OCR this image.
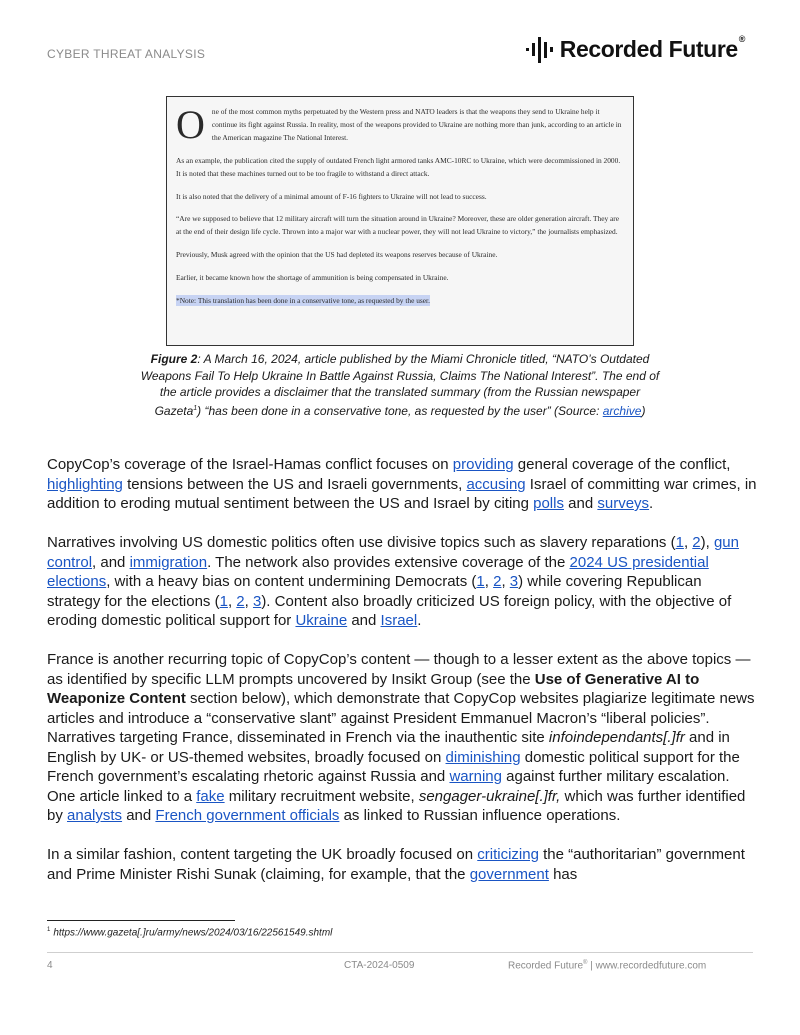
CYBER THREAT ANALYSIS	Recorded Future®

One of the most common myths perpetuated by the Western press and NATO leaders is that the weapons they send to Ukraine help it continue its fight against Russia. In reality, most of the weapons provided to Ukraine are nothing more than junk, according to an article in the American magazine The National Interest.

As an example, the publication cited the supply of outdated French light armored tanks AMC-10RC to Ukraine, which were decommissioned in 2000. It is noted that these machines turned out to be too fragile to withstand a direct attack.

It is also noted that the delivery of a minimal amount of F-16 fighters to Ukraine will not lead to success.

“Are we supposed to believe that 12 military aircraft will turn the situation around in Ukraine? Moreover, these are older generation aircraft. They are at the end of their design life cycle. Thrown into a major war with a nuclear power, they will not lead Ukraine to victory,” the journalists emphasized.

Previously, Musk agreed with the opinion that the US had depleted its weapons reserves because of Ukraine.

Earlier, it became known how the shortage of ammunition is being compensated in Ukraine.

*Note: This translation has been done in a conservative tone, as requested by the user.

Figure 2: A March 16, 2024, article published by the Miami Chronicle titled, “NATO’s Outdated Weapons Fail To Help Ukraine In Battle Against Russia, Claims The National Interest”. The end of the article provides a disclaimer that the translated summary (from the Russian newspaper Gazeta$^1$) “has been done in a conservative tone, as requested by the user” (Source: archive)

CopyCop’s coverage of the Israel-Hamas conflict focuses on providing general coverage of the conflict, highlighting tensions between the US and Israeli governments, accusing Israel of committing war crimes, in addition to eroding mutual sentiment between the US and Israel by citing polls and surveys.

Narratives involving US domestic politics often use divisive topics such as slavery reparations (1, 2), gun control, and immigration. The network also provides extensive coverage of the 2024 US presidential elections, with a heavy bias on content undermining Democrats (1, 2, 3) while covering Republican strategy for the elections (1, 2, 3). Content also broadly criticized US foreign policy, with the objective of eroding domestic political support for Ukraine and Israel.

France is another recurring topic of CopyCop’s content — though to a lesser extent as the above topics — as identified by specific LLM prompts uncovered by Insikt Group (see the Use of Generative AI to Weaponize Content section below), which demonstrate that CopyCop websites plagiarize legitimate news articles and introduce a “conservative slant” against President Emmanuel Macron’s “liberal policies”. Narratives targeting France, disseminated in French via the inauthentic site infoindependants[.]fr and in English by UK- or US-themed websites, broadly focused on diminishing domestic political support for the French government’s escalating rhetoric against Russia and warning against further military escalation. One article linked to a fake military recruitment website, sengager-ukraine[.]fr, which was further identified by analysts and French government officials as linked to Russian influence operations.

In a similar fashion, content targeting the UK broadly focused on criticizing the “authoritarian” government and Prime Minister Rishi Sunak (claiming, for example, that the government has

$^1$ https://www.gazeta[.]ru/army/news/2024/03/16/22561549.shtml
4	CTA-2024-0509	Recorded Future® | www.recordedfuture.com
